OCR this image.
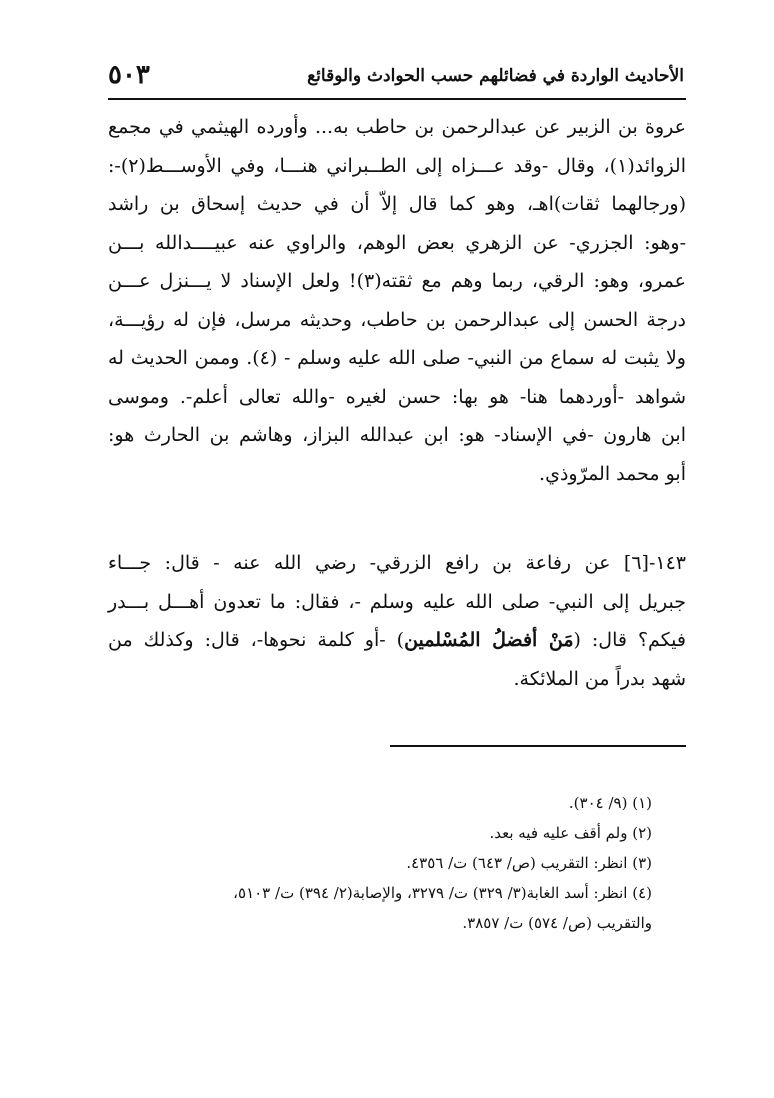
الأحاديث الواردة في فضائلهم حسب الحوادث والوقائع
٥٠٣
عروة بن الزبير عن عبدالرحمن بن حاطب به... وأورده الهيثمي في مجمع
الزوائد(١)، وقال -وقد عـــزاه إلى الطــبراني هنـــا، وفي الأوســـط(٢)-:
(ورجالهما ثقات)اهـ، وهو كما قال إلاّ أن في حديث إسحاق بن راشد
-وهو: الجزري- عن الزهري بعض الوهم، والراوي عنه عبيــــدالله بـــن
عمرو، وهو: الرقي، ربما وهم مع ثقته(٣)! ولعل الإسناد لا يـــنزل عـــن
درجة الحسن إلى عبدالرحمن بن حاطب، وحديثه مرسل، فإن له رؤيـــة،
ولا يثبت له سماع من النبي- صلى الله عليه وسلم - (٤). وممن الحديث له
شواهد -أوردهما هنا- هو بها: حسن لغيره -والله تعالى أعلم-. وموسى
ابن هارون -في الإسناد- هو: ابن عبدالله البزاز، وهاشم بن الحارث هو:
أبو محمد المرّوذي.
١٤٣-[٦] عن رفاعة بن رافع الزرقي- رضي الله عنه - قال: جـــاء
جبريل إلى النبي- صلى الله عليه وسلم -، فقال: ما تعدون أهـــل بـــدر
فيكم؟ قال: (مَنْ أفضلُ المُسْلمين) -أو كلمة نحوها-، قال: وكذلك من
شهد بدراً من الملائكة.
(١) (٩/ ٣٠٤).
(٢) ولم أقف عليه فيه بعد.
(٣) انظر: التقريب (ص/ ٦٤٣) ت/ ٤٣٥٦.
(٤) انظر: أسد الغابة(٣/ ٣٢٩) ت/ ٣٢٧٩، والإصابة(٢/ ٣٩٤) ت/ ٥١٠٣،
والتقريب (ص/ ٥٧٤) ت/ ٣٨٥٧.
